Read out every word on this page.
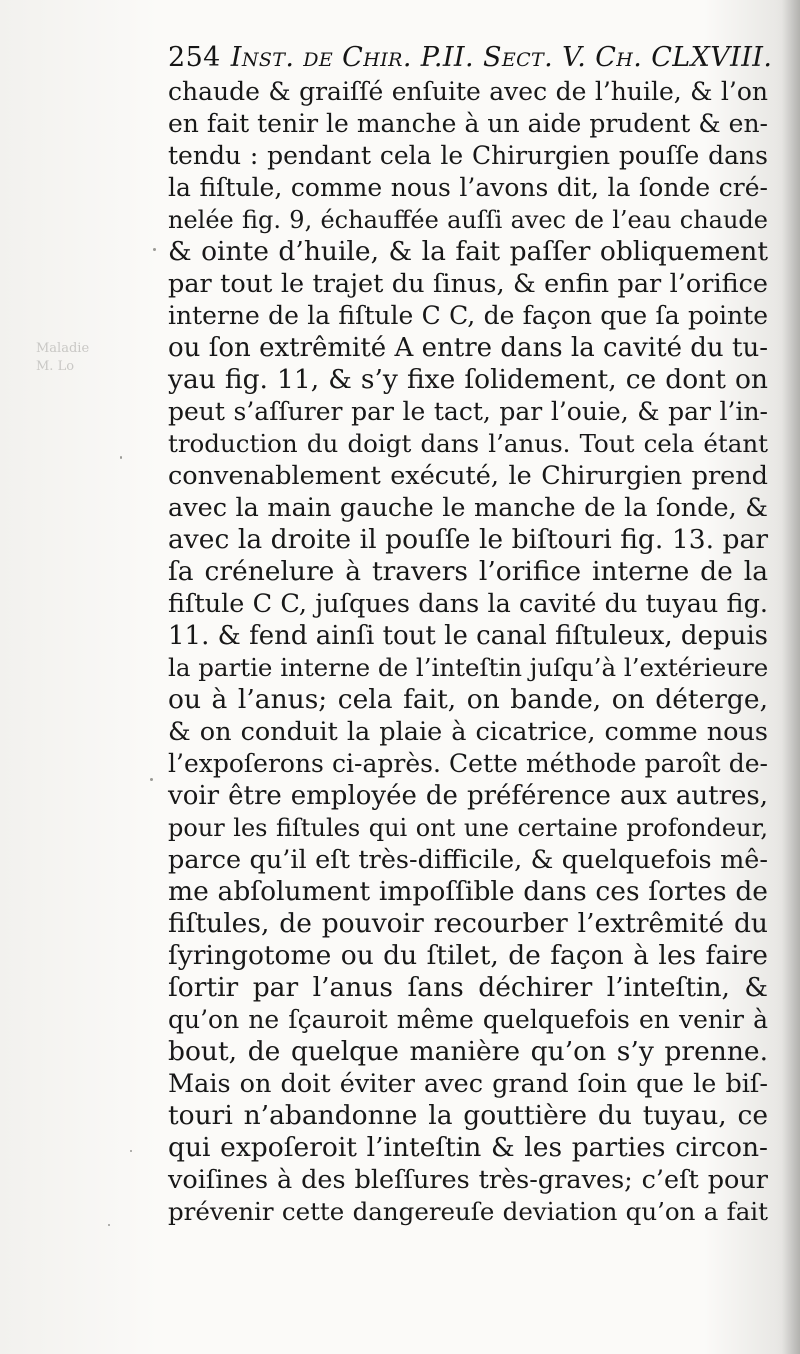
Maladie
M. Lo
254 Inst. de Chir. P.II. Sect. V. Ch. CLXVIII.
chaude & graiſſé enſuite avec de l’huile, & l’on
en fait tenir le manche à un aide prudent & en-
tendu : pendant cela le Chirurgien pouſſe dans
la fiſtule, comme nous l’avons dit, la ſonde cré-
nelée fig. 9, échauffée auſſi avec de l’eau chaude
& ointe d’huile, & la fait paſſer obliquement
par tout le trajet du ſinus, & enfin par l’orifice
interne de la fiſtule C C, de façon que ſa pointe
ou ſon extrêmité A entre dans la cavité du tu-
yau fig. 11, & s’y fixe ſolidement, ce dont on
peut s’aſſurer par le tact, par l’ouie, & par l’in-
troduction du doigt dans l’anus. Tout cela étant
convenablement exécuté, le Chirurgien prend
avec la main gauche le manche de la ſonde, &
avec la droite il pouſſe le biſtouri fig. 13. par
ſa crénelure à travers l’orifice interne de la
fiſtule C C, juſques dans la cavité du tuyau fig.
11. & fend ainſi tout le canal fiſtuleux, depuis
la partie interne de l’inteſtin juſqu’à l’extérieure
ou à l’anus; cela fait, on bande, on déterge,
& on conduit la plaie à cicatrice, comme nous
l’expoſerons ci-après. Cette méthode paroît de-
voir être employée de préférence aux autres,
pour les fiſtules qui ont une certaine profondeur,
parce qu’il eſt très-difficile, & quelquefois mê-
me abſolument impoſſible dans ces ſortes de
fiſtules, de pouvoir recourber l’extrêmité du
ſyringotome ou du ſtilet, de façon à les faire
ſortir par l’anus ſans déchirer l’inteſtin, &
qu’on ne ſçauroit même quelquefois en venir à
bout, de quelque manière qu’on s’y prenne.
Mais on doit éviter avec grand ſoin que le biſ-
touri n’abandonne la gouttière du tuyau, ce
qui expoſeroit l’inteſtin & les parties circon-
voiſines à des bleſſures très-graves; c’eſt pour
prévenir cette dangereuſe deviation qu’on a fait
